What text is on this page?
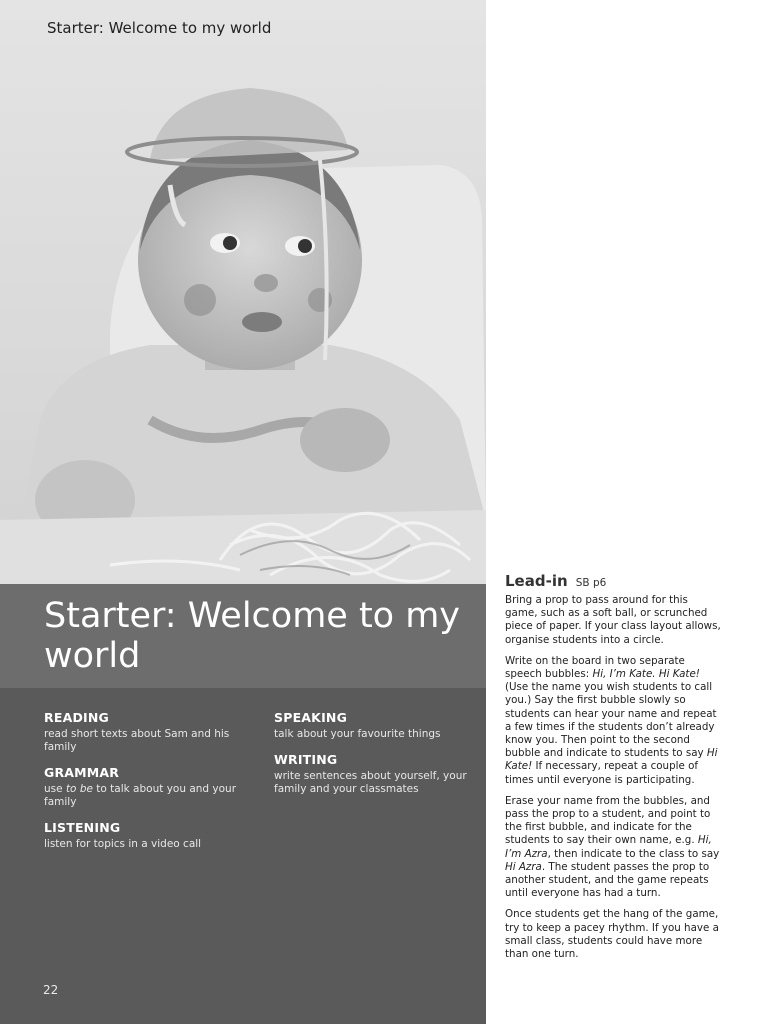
Starter: Welcome to my world
Starter: Welcome to my world
READING
read short texts about Sam and his family
GRAMMAR
use to be to talk about you and your family
LISTENING
listen for topics in a video call
SPEAKING
talk about your favourite things
WRITING
write sentences about yourself, your family and your classmates
22
Lead-in SB p6

Bring a prop to pass around for this game, such as a soft ball, or scrunched piece of paper. If your class layout allows, organise students into a circle.

Write on the board in two separate speech bubbles: Hi, I’m Kate. Hi Kate! (Use the name you wish students to call you.) Say the first bubble slowly so students can hear your name and repeat a few times if the students don’t already know you. Then point to the second bubble and indicate to students to say Hi Kate! If necessary, repeat a couple of times until everyone is participating.

Erase your name from the bubbles, and pass the prop to a student, and point to the first bubble, and indicate for the students to say their own name, e.g. Hi, I’m Azra, then indicate to the class to say Hi Azra. The student passes the prop to another student, and the game repeats until everyone has had a turn.

Once students get the hang of the game, try to keep a pacey rhythm. If you have a small class, students could have more than one turn.
